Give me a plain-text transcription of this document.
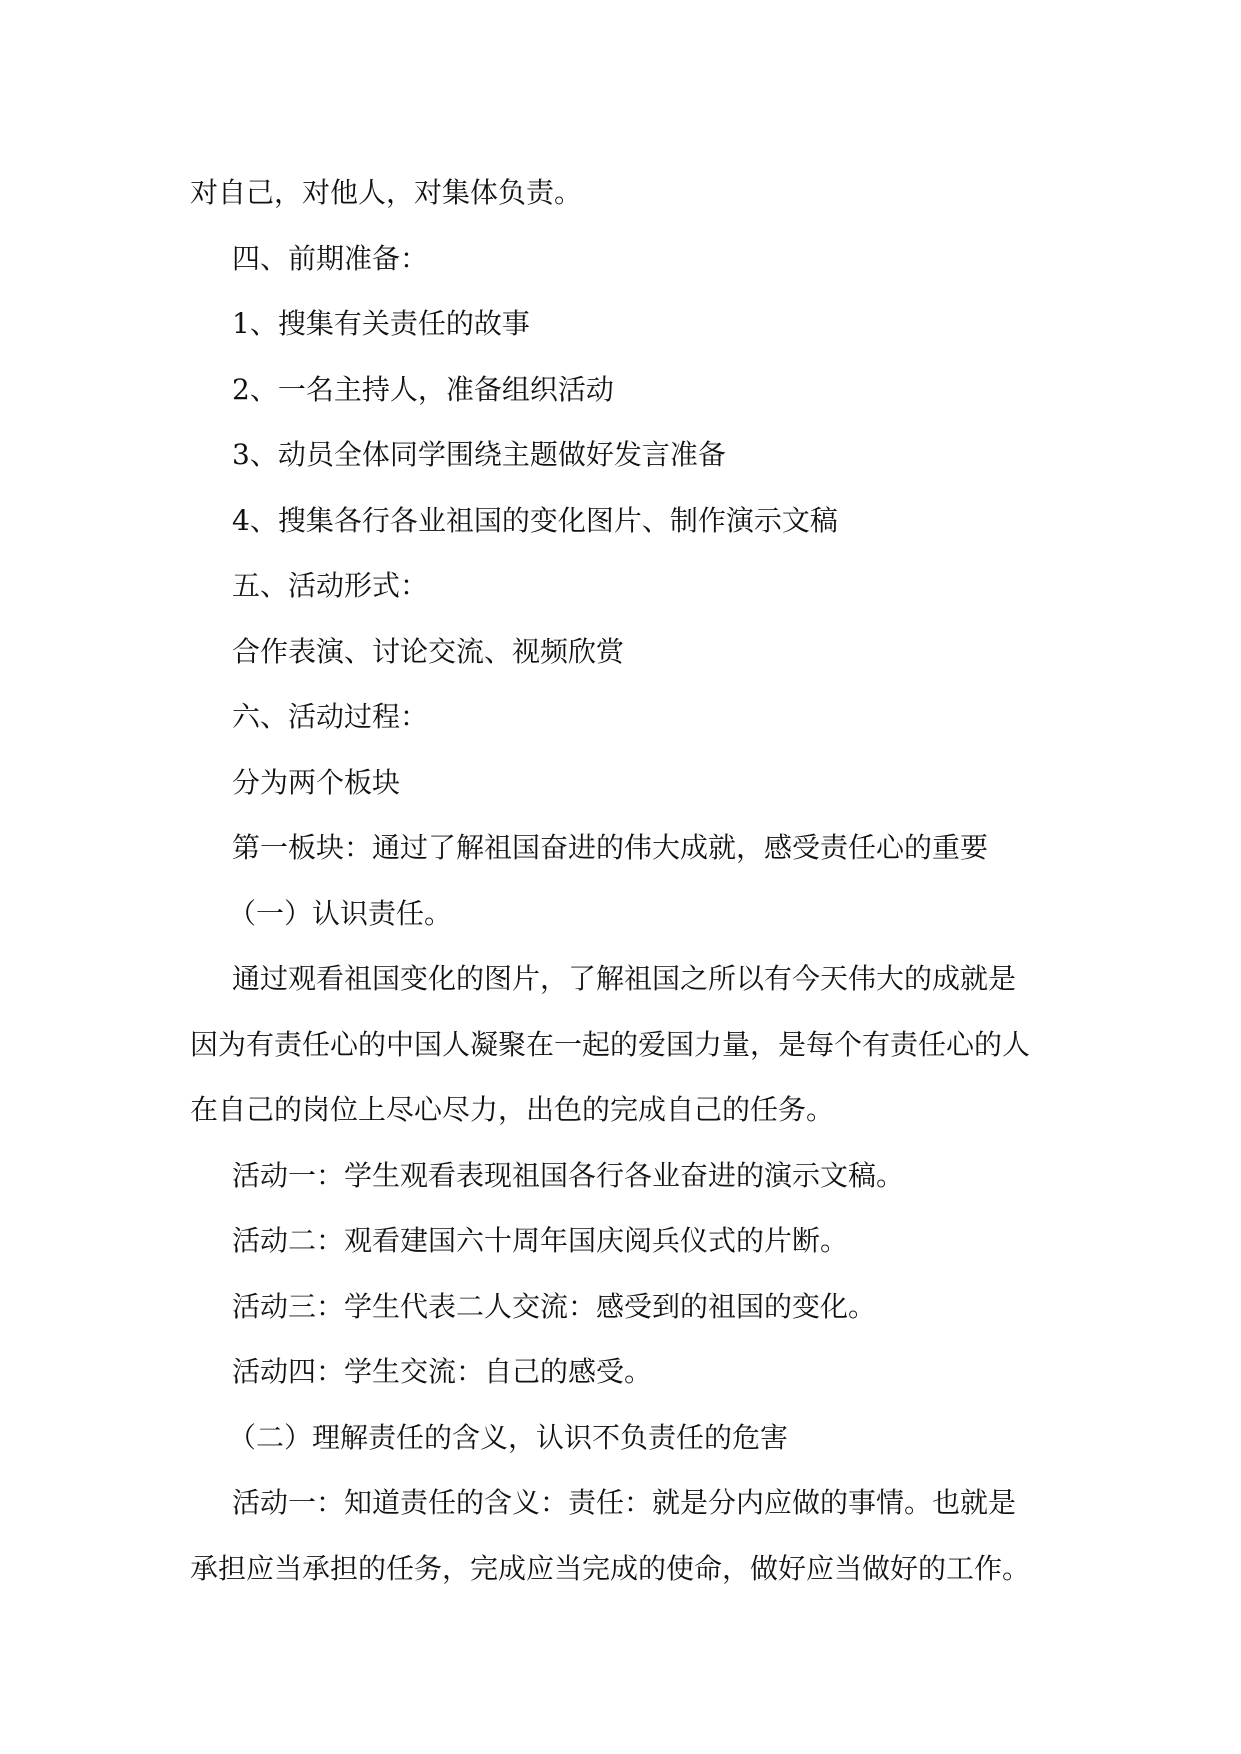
对自己，对他人，对集体负责。
四、前期准备：
1、搜集有关责任的故事
2、一名主持人，准备组织活动
3、动员全体同学围绕主题做好发言准备
4、搜集各行各业祖国的变化图片、制作演示文稿
五、活动形式：
合作表演、讨论交流、视频欣赏
六、活动过程：
分为两个板块
第一板块：通过了解祖国奋进的伟大成就，感受责任心的重要
（一）认识责任。
通过观看祖国变化的图片，了解祖国之所以有今天伟大的成就是
因为有责任心的中国人凝聚在一起的爱国力量，是每个有责任心的人
在自己的岗位上尽心尽力，出色的完成自己的任务。
活动一：学生观看表现祖国各行各业奋进的演示文稿。
活动二：观看建国六十周年国庆阅兵仪式的片断。
活动三：学生代表二人交流：感受到的祖国的变化。
活动四：学生交流：自己的感受。
（二）理解责任的含义，认识不负责任的危害
活动一：知道责任的含义：责任：就是分内应做的事情。也就是
承担应当承担的任务，完成应当完成的使命，做好应当做好的工作。
